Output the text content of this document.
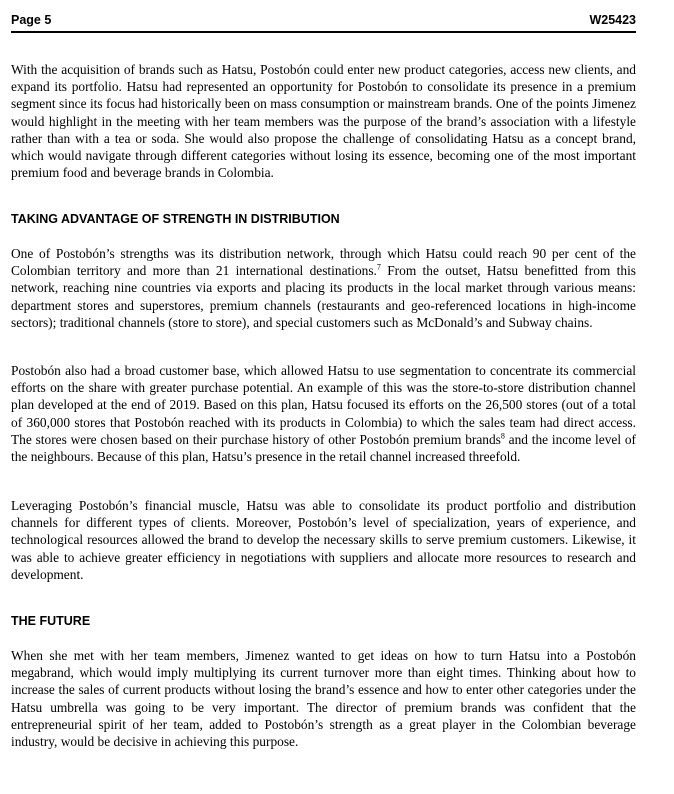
Page 5	W25423

With the acquisition of brands such as Hatsu, Postobón could enter new product categories, access new clients, and expand its portfolio. Hatsu had represented an opportunity for Postobón to consolidate its presence in a premium segment since its focus had historically been on mass consumption or mainstream brands. One of the points Jimenez would highlight in the meeting with her team members was the purpose of the brand’s association with a lifestyle rather than with a tea or soda. She would also propose the challenge of consolidating Hatsu as a concept brand, which would navigate through different categories without losing its essence, becoming one of the most important premium food and beverage brands in Colombia.

TAKING ADVANTAGE OF STRENGTH IN DISTRIBUTION

One of Postobón’s strengths was its distribution network, through which Hatsu could reach 90 per cent of the Colombian territory and more than 21 international destinations.$^7$ From the outset, Hatsu benefitted from this network, reaching nine countries via exports and placing its products in the local market through various means: department stores and superstores, premium channels (restaurants and geo-referenced locations in high-income sectors); traditional channels (store to store), and special customers such as McDonald’s and Subway chains.

Postobón also had a broad customer base, which allowed Hatsu to use segmentation to concentrate its commercial efforts on the share with greater purchase potential. An example of this was the store-to-store distribution channel plan developed at the end of 2019. Based on this plan, Hatsu focused its efforts on the 26,500 stores (out of a total of 360,000 stores that Postobón reached with its products in Colombia) to which the sales team had direct access. The stores were chosen based on their purchase history of other Postobón premium brands$^8$ and the income level of the neighbours. Because of this plan, Hatsu’s presence in the retail channel increased threefold.

Leveraging Postobón’s financial muscle, Hatsu was able to consolidate its product portfolio and distribution channels for different types of clients. Moreover, Postobón’s level of specialization, years of experience, and technological resources allowed the brand to develop the necessary skills to serve premium customers. Likewise, it was able to achieve greater efficiency in negotiations with suppliers and allocate more resources to research and development.

THE FUTURE

When she met with her team members, Jimenez wanted to get ideas on how to turn Hatsu into a Postobón megabrand, which would imply multiplying its current turnover more than eight times. Thinking about how to increase the sales of current products without losing the brand’s essence and how to enter other categories under the Hatsu umbrella was going to be very important. The director of premium brands was confident that the entrepreneurial spirit of her team, added to Postobón’s strength as a great player in the Colombian beverage industry, would be decisive in achieving this purpose.
